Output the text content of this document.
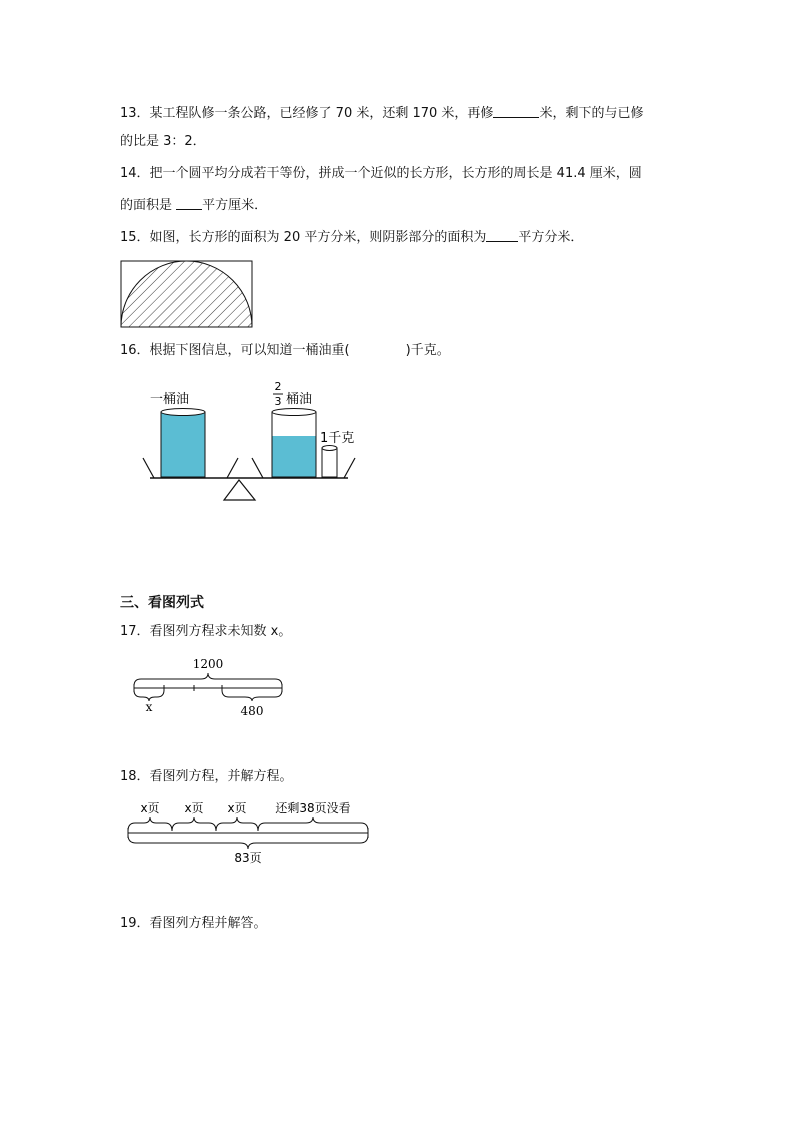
13．某工程队修一条公路，已经修了 70 米，还剩 170 米，再修	米，剩下的与已修
的比是 3：2．
14．把一个圆平均分成若干等份，拼成一个近似的长方形，长方形的周长是 41.4 厘米，圆
的面积是 平方厘米．
15．如图，长方形的面积为 20 平方分米，则阴影部分的面积为 平方分米．
一桶油
2
3 桶油
1千克
1200
x	480
x页 x页 x页 还剩38页没看
83页
16．根据下图信息，可以知道一桶油重(	)千克。
三、看图列式
17．看图列方程求未知数 x。
18．看图列方程，并解方程。
19．看图列方程并解答。
